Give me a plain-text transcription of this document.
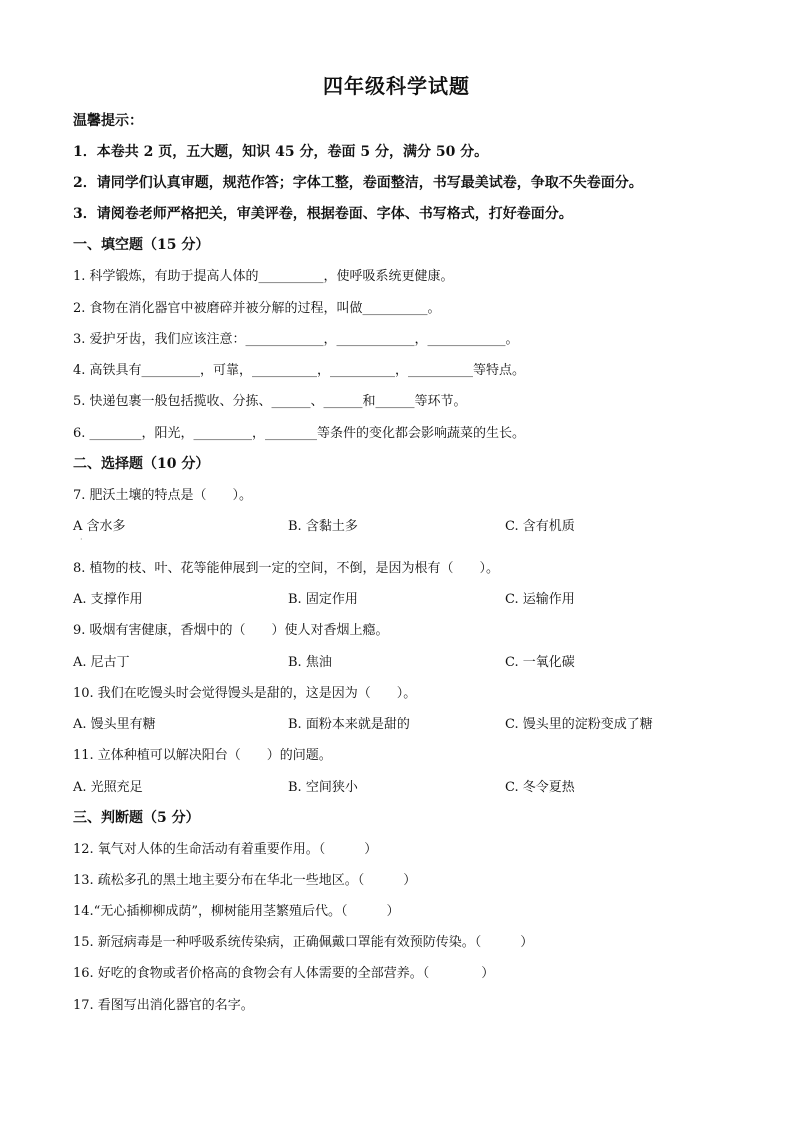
四年级科学试题
温馨提示：
1．本卷共 2 页，五大题，知识 45 分，卷面 5 分，满分 50 分。
2．请同学们认真审题，规范作答；字体工整，卷面整洁，书写最美试卷，争取不失卷面分。
3．请阅卷老师严格把关，审美评卷，根据卷面、字体、书写格式，打好卷面分。
一、填空题（15 分）
1. 科学锻炼，有助于提高人体的__________，使呼吸系统更健康。
2. 食物在消化器官中被磨碎并被分解的过程，叫做__________。
3. 爱护牙齿，我们应该注意：____________，____________，____________。
4. 高铁具有_________，可靠，__________，__________，__________等特点。
5. 快递包裹一般包括揽收、分拣、______、______和______等环节。
6. ________，阳光，_________，________等条件的变化都会影响蔬菜的生长。
二、选择题（10 分）
7. 肥沃土壤的特点是（　　）。
A 含水多	B. 含黏土多	C. 含有机质
·
8. 植物的枝、叶、花等能伸展到一定的空间，不倒，是因为根有（　　）。
A. 支撑作用	B. 固定作用	C. 运输作用
9. 吸烟有害健康，香烟中的（　　）使人对香烟上瘾。
A. 尼古丁	B. 焦油	C. 一氧化碳
10. 我们在吃馒头时会觉得馒头是甜的，这是因为（　　）。
A. 馒头里有糖	B. 面粉本来就是甜的	C. 馒头里的淀粉变成了糖
11. 立体种植可以解决阳台（　　）的问题。
A. 光照充足	B. 空间狭小	C. 冬令夏热
三、判断题（5 分）
12. 氧气对人体的生命活动有着重要作用。（　　　）
13. 疏松多孔的黑土地主要分布在华北一些地区。（　　　）
14.“无心插柳柳成荫”，柳树能用茎繁殖后代。（　　　）
15. 新冠病毒是一种呼吸系统传染病，正确佩戴口罩能有效预防传染。（　　　）
16. 好吃的食物或者价格高的食物会有人体需要的全部营养。（　　　　）
17. 看图写出消化器官的名字。
